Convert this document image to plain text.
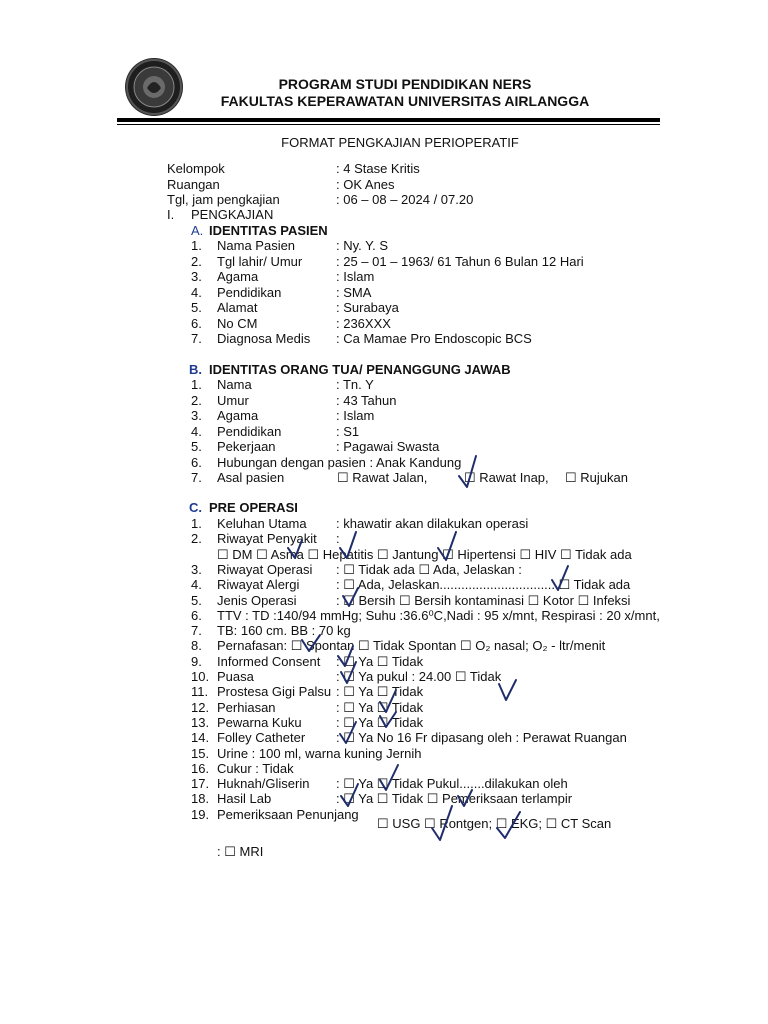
PROGRAM STUDI PENDIDIKAN NERS
FAKULTAS KEPERAWATAN UNIVERSITAS AIRLANGGA
FORMAT PENGKAJIAN PERIOPERATIF
Kelompok	: 4 Stase Kritis
Ruangan	: OK Anes
Tgl, jam pengkajian	: 06 – 08 – 2024 / 07.20
I. PENGKAJIAN
A. IDENTITAS PASIEN
1. Nama Pasien	: Ny. Y. S
2. Tgl lahir/ Umur	: 25 – 01 – 1963/ 61 Tahun 6 Bulan 12 Hari
3. Agama	: Islam
4. Pendidikan	: SMA
5. Alamat	: Surabaya
6. No CM	: 236XXX
7. Diagnosa Medis : Ca Mamae Pro Endoscopic BCS
B. IDENTITAS ORANG TUA/ PENANGGUNG JAWAB
1. Nama	: Tn. Y
2. Umur	: 43 Tahun
3. Agama	: Islam
4. Pendidikan	: S1
5. Pekerjaan	: Pagawai Swasta
6. Hubungan dengan pasien : Anak Kandung
7. Asal pasien	☐ Rawat Jalan,	☐ Rawat Inap, ☐ Rujukan
C. PRE OPERASI
1. Keluhan Utama : khawatir akan dilakukan operasi
2. Riwayat Penyakit :
☐ DM ☐ Asma ☐ Hepatitis ☐ Jantung ☐ Hipertensi ☐ HIV ☐ Tidak ada
3. Riwayat Operasi : ☐ Tidak ada ☐ Ada, Jelaskan :
4. Riwayat Alergi	: ☐ Ada, Jelaskan.................................☐ Tidak ada
5. Jenis Operasi	: ☐ Bersih ☐ Bersih kontaminasi ☐ Kotor ☐ Infeksi
6. TTV : TD :140/94 mmHg; Suhu :36.6⁰C,Nadi : 95 x/mnt, Respirasi : 20 x/mnt,
7. TB: 160 cm. BB : 70 kg
8. Pernafasan: ☐ Spontan ☐ Tidak Spontan ☐ O₂ nasal; O₂ - ltr/menit
9. Informed Consent : ☐ Ya ☐ Tidak
10. Puasa	: ☐ Ya pukul : 24.00 ☐ Tidak
11. Prostesa Gigi Palsu : ☐ Ya ☐ Tidak
12. Perhiasan	: ☐ Ya ☐ Tidak
13. Pewarna Kuku	: ☐ Ya ☐ Tidak
14. Folley Catheter : ☐ Ya No 16 Fr dipasang oleh : Perawat Ruangan
15. Urine : 100 ml, warna kuning Jernih
16. Cukur : Tidak
17. Huknah/Gliserin : ☐ Ya ☐ Tidak Pukul.......dilakukan oleh
18. Hasil Lab	: ☐ Ya ☐ Tidak ☐ Pemeriksaan terlampir
19. Pemeriksaan Penunjang
☐ USG ☐ Rontgen; ☐ EKG; ☐ CT Scan
: ☐ MRI
